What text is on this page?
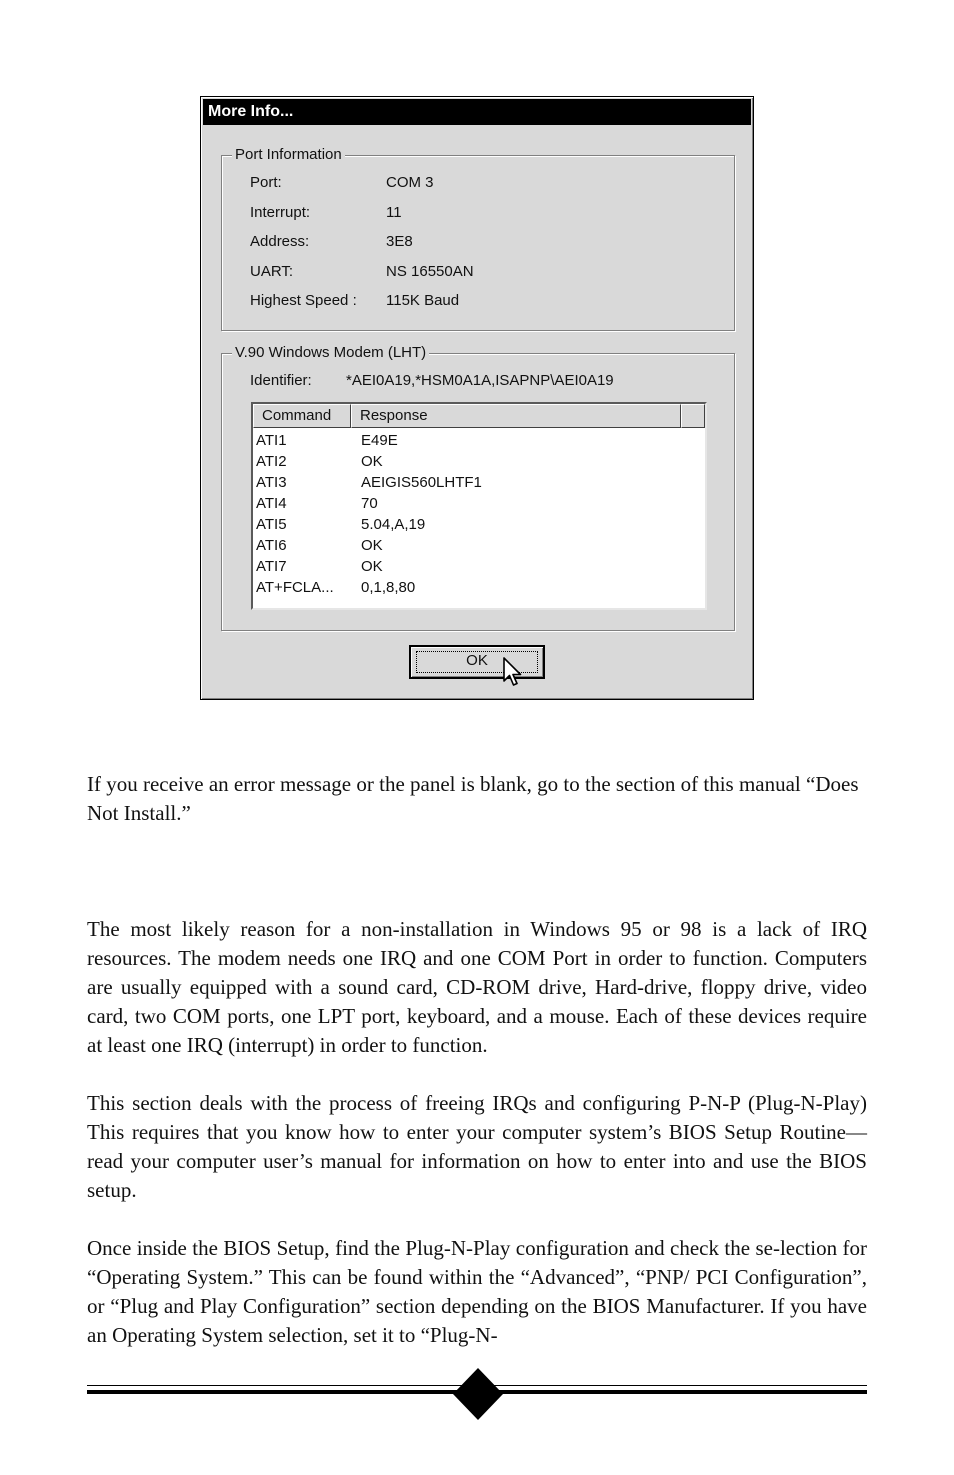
More Info...
Port Information
Port:	COM 3
Interrupt:	11
Address:	3E8
UART:	NS 16550AN
Highest Speed :	115K Baud
V.90 Windows Modem (LHT)
Identifier: *AEI0A19,*HSM0A1A,ISAPNP\AEI0A19
Command	Response
ATI1	E49E
ATI2	OK
ATI3	AEIGIS560LHTF1
ATI4	70
ATI5	5.04,A,19
ATI6	OK
ATI7	OK
AT+FCLA... 0,1,8,80
OK

If you receive an error message or the panel is blank, go to the section of this manual “Does Not Install.”

The most likely reason for a non-installation in Windows 95 or 98 is a lack of IRQ resources. The modem needs one IRQ and one COM Port in order to function. Computers are usually equipped with a sound card, CD-ROM drive, Hard-drive, floppy drive, video card, two COM ports, one LPT port, keyboard, and a mouse. Each of these devices require at least one IRQ (interrupt) in order to function.

This section deals with the process of freeing IRQs and configuring P-N-P (Plug-N-Play) This requires that you know how to enter your computer system’s BIOS Setup Routine—read your computer user’s manual for information on how to enter into and use the BIOS setup.

Once inside the BIOS Setup, find the Plug-N-Play configuration and check the se-lection for “Operating System.” This can be found within the “Advanced”, “PNP/ PCI Configuration”, or “Plug and Play Configuration” section depending on the BIOS Manufacturer. If you have an Operating System selection, set it to “Plug-N-
